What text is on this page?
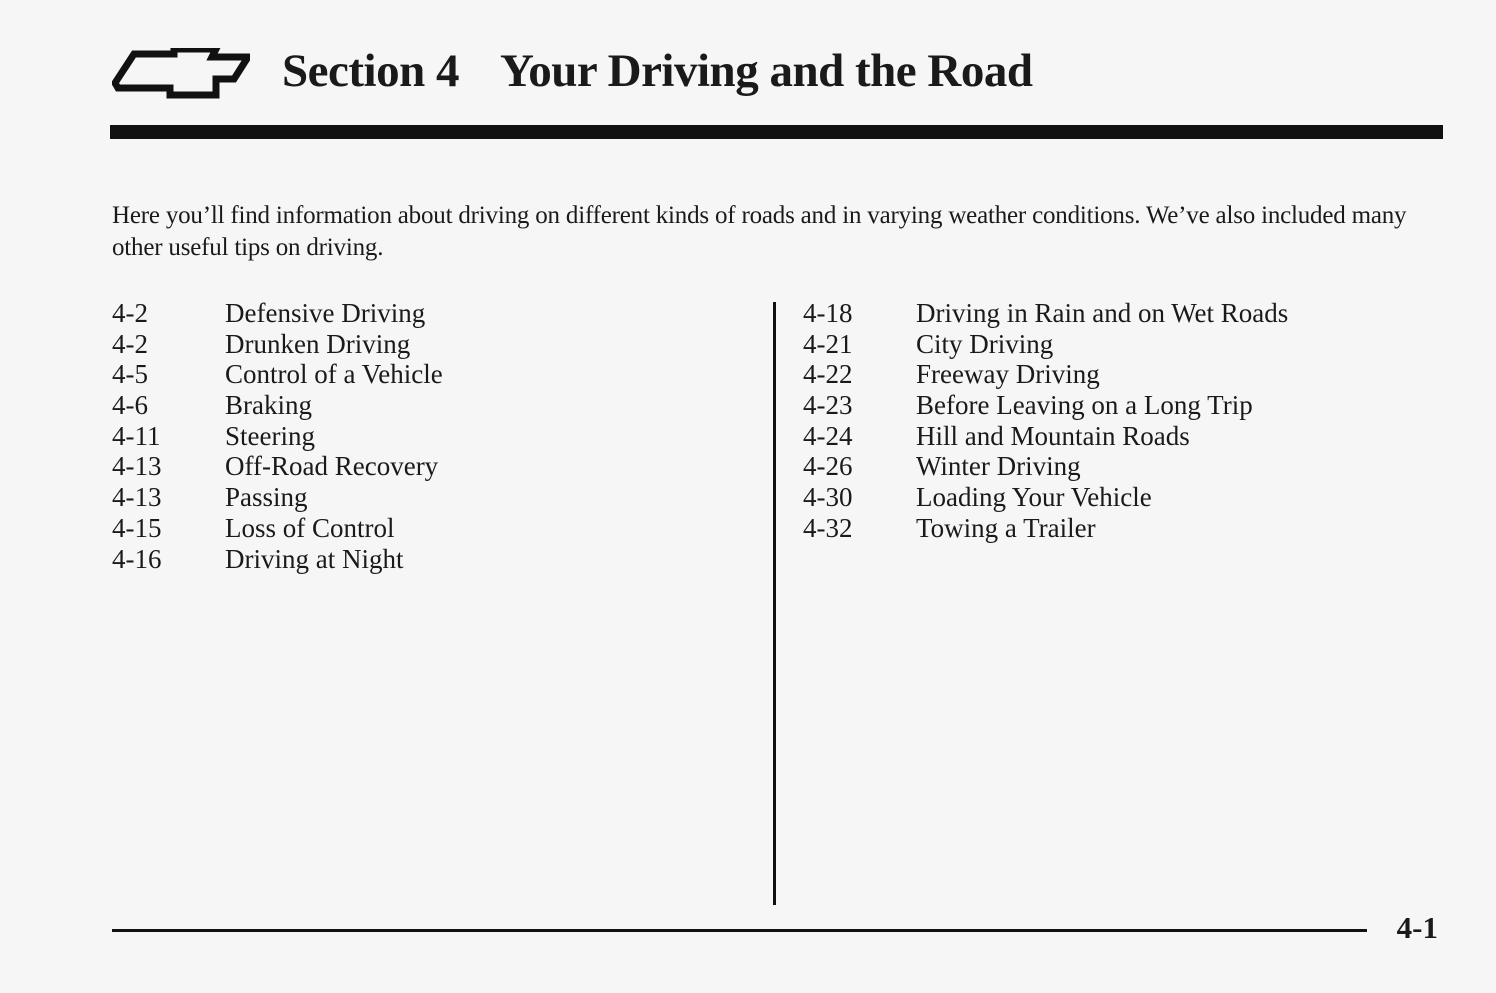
Section 4 Your Driving and the Road
Here you’ll find information about driving on different kinds of roads and in varying weather conditions. We’ve also included many other useful tips on driving.
4-2	Defensive Driving
4-2	Drunken Driving
4-5	Control of a Vehicle
4-6	Braking
4-11 Steering
4-13 Off-Road Recovery
4-13 Passing
4-15 Loss of Control
4-16 Driving at Night
4-18 Driving in Rain and on Wet Roads
4-21 City Driving
4-22 Freeway Driving
4-23 Before Leaving on a Long Trip
4-24 Hill and Mountain Roads
4-26 Winter Driving
4-30 Loading Your Vehicle
4-32 Towing a Trailer
4-1
